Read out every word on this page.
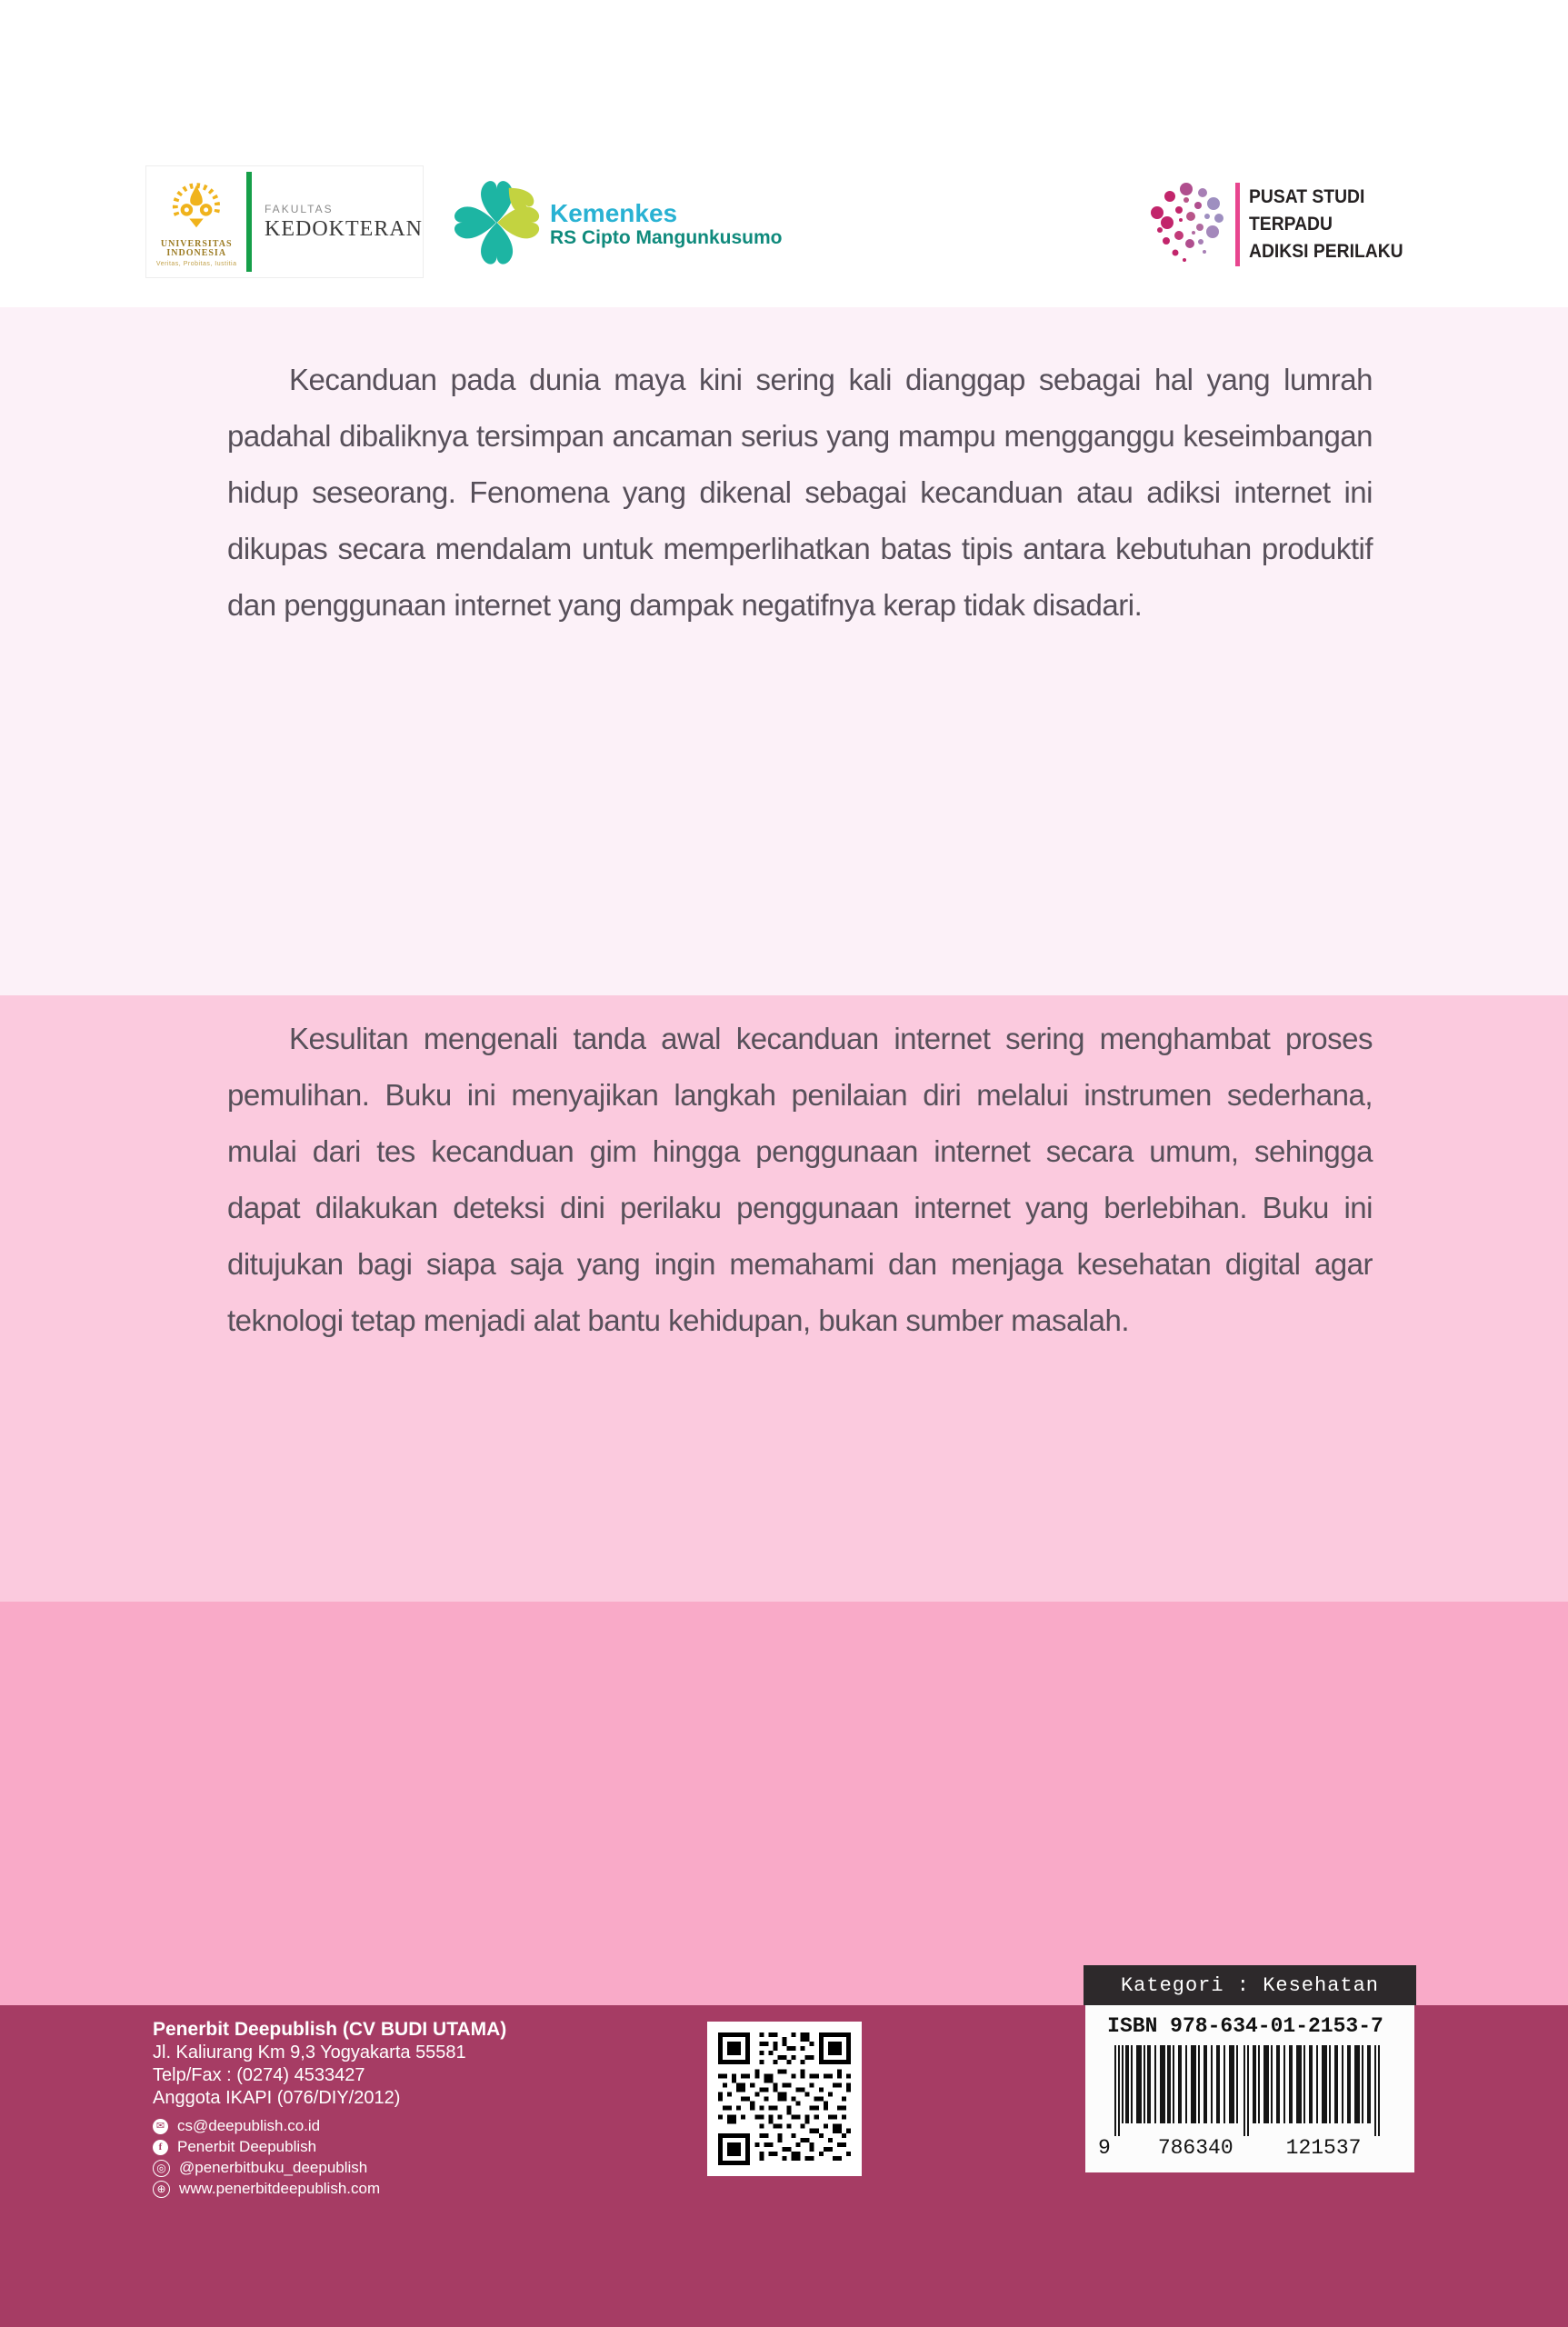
UNIVERSITAS
INDONESIA
Veritas, Probitas, Iustitia
FAKULTAS
KEDOKTERAN
Kemenkes
RS Cipto Mangunkusumo
PUSAT STUDI
TERPADU
ADIKSI PERILAKU

Kecanduan pada dunia maya kini sering kali dianggap sebagai hal yang lumrah padahal dibaliknya tersimpan ancaman serius yang mampu mengganggu keseimbangan hidup seseorang. Fenomena yang dikenal sebagai kecanduan atau adiksi internet ini dikupas secara mendalam untuk memperlihatkan batas tipis antara kebutuhan produktif dan penggunaan internet yang dampak negatifnya kerap tidak disadari.

Kesulitan mengenali tanda awal kecanduan internet sering menghambat proses pemulihan. Buku ini menyajikan langkah penilaian diri melalui instrumen sederhana, mulai dari tes kecanduan gim hingga penggunaan internet secara umum, sehingga dapat dilakukan deteksi dini perilaku penggunaan internet yang berlebihan. Buku ini ditujukan bagi siapa saja yang ingin memahami dan menjaga kesehatan digital agar teknologi tetap menjadi alat bantu kehidupan, bukan sumber masalah.

Kategori : Kesehatan
ISBN 978-634-01-2153-7
9 786340	121537
Penerbit Deepublish (CV BUDI UTAMA)
Jl. Kaliurang Km 9,3 Yogyakarta 55581
Telp/Fax : (0274) 4533427
Anggota IKAPI (076/DIY/2012)
✉ cs@deepublish.co.id
f Penerbit Deepublish
◎ @penerbitbuku_deepublish
⊕ www.penerbitdeepublish.com
